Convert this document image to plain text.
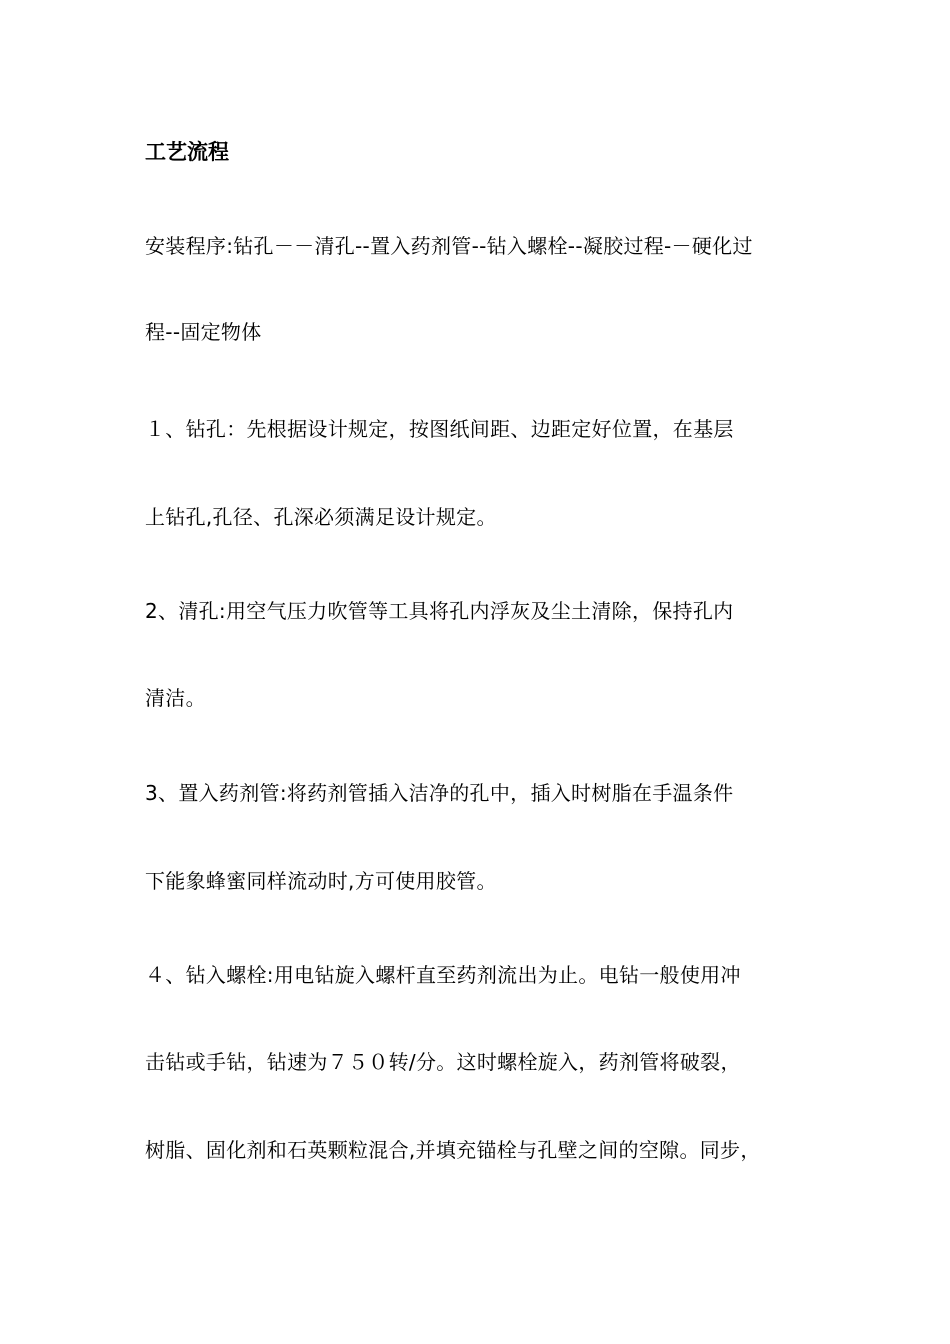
工艺流程
安装程序:钻孔－－清孔--置入药剂管--钻入螺栓--凝胶过程-－硬化过
程--固定物体
１、钻孔：先根据设计规定，按图纸间距、边距定好位置，在基层
上钻孔,孔径、孔深必须满足设计规定。
2、清孔:用空气压力吹管等工具将孔内浮灰及尘土清除，保持孔内
清洁。
3、置入药剂管:将药剂管插入洁净的孔中，插入时树脂在手温条件
下能象蜂蜜同样流动时,方可使用胶管。
４、钻入螺栓:用电钻旋入螺杆直至药剂流出为止。电钻一般使用冲
击钻或手钻，钻速为７５０转/分。这时螺栓旋入，药剂管将破裂，
树脂、固化剂和石英颗粒混合,并填充锚栓与孔壁之间的空隙。同步，
